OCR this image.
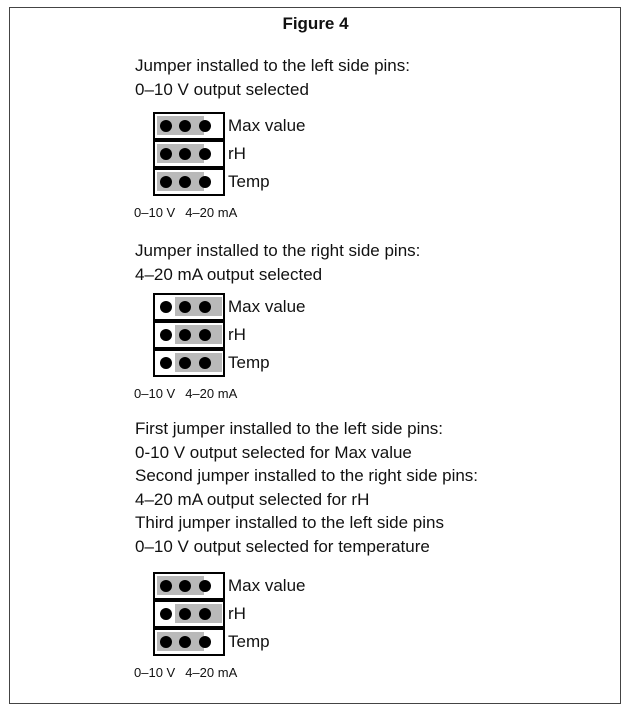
Figure 4
Jumper installed to the left side pins:
0–10 V output selected
Max value
rH
Temp
0–10 V 4–20 mA
Jumper installed to the right side pins:
4–20 mA output selected
Max value
rH
Temp
0–10 V 4–20 mA
First jumper installed to the left side pins:
0-10 V output selected for Max value
Second jumper installed to the right side pins:
4–20 mA output selected for rH
Third jumper installed to the left side pins
0–10 V output selected for temperature
Max value
rH
Temp
0–10 V 4–20 mA
